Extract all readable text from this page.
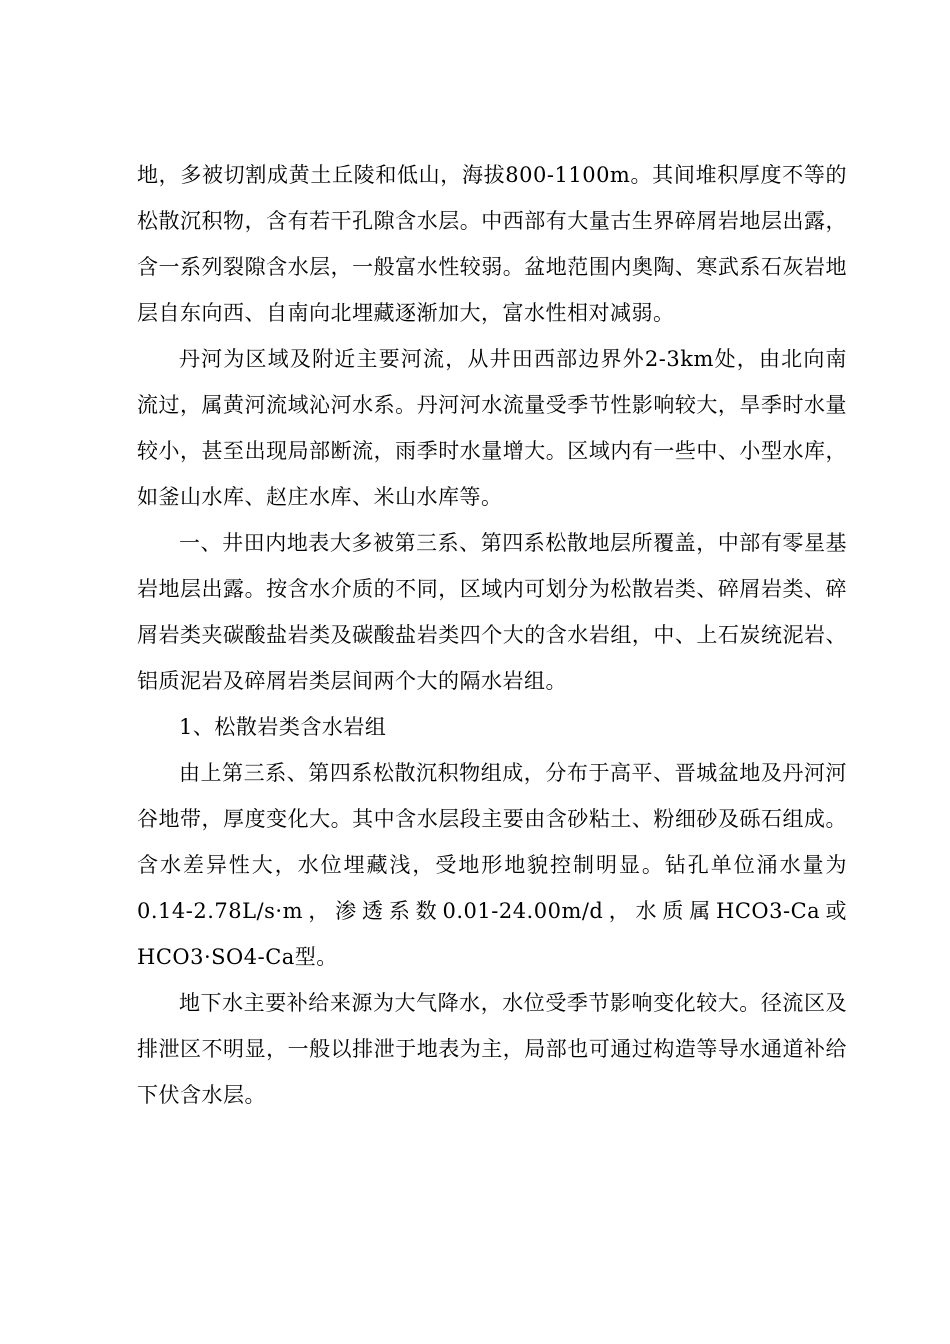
地，多被切割成黄土丘陵和低山，海拔800-1100m。其间堆积厚度不等的松散沉积物，含有若干孔隙含水层。中西部有大量古生界碎屑岩地层出露，含一系列裂隙含水层，一般富水性较弱。盆地范围内奥陶、寒武系石灰岩地层自东向西、自南向北埋藏逐渐加大，富水性相对减弱。

丹河为区域及附近主要河流，从井田西部边界外2-3km处，由北向南流过，属黄河流域沁河水系。丹河河水流量受季节性影响较大，旱季时水量较小，甚至出现局部断流，雨季时水量增大。区域内有一些中、小型水库，如釜山水库、赵庄水库、米山水库等。

一、井田内地表大多被第三系、第四系松散地层所覆盖，中部有零星基岩地层出露。按含水介质的不同，区域内可划分为松散岩类、碎屑岩类、碎屑岩类夹碳酸盐岩类及碳酸盐岩类四个大的含水岩组，中、上石炭统泥岩、铝质泥岩及碎屑岩类层间两个大的隔水岩组。

1、松散岩类含水岩组

由上第三系、第四系松散沉积物组成，分布于高平、晋城盆地及丹河河谷地带，厚度变化大。其中含水层段主要由含砂粘土、粉细砂及砾石组成。含水差异性大，水位埋藏浅，受地形地貌控制明显。钻孔单位涌水量为0.14-2.78L/s·m，渗透系数0.01-24.00m/d，水质属HCO3-Ca或HCO3·SO4-Ca型。

地下水主要补给来源为大气降水，水位受季节影响变化较大。径流区及排泄区不明显，一般以排泄于地表为主，局部也可通过构造等导水通道补给下伏含水层。
